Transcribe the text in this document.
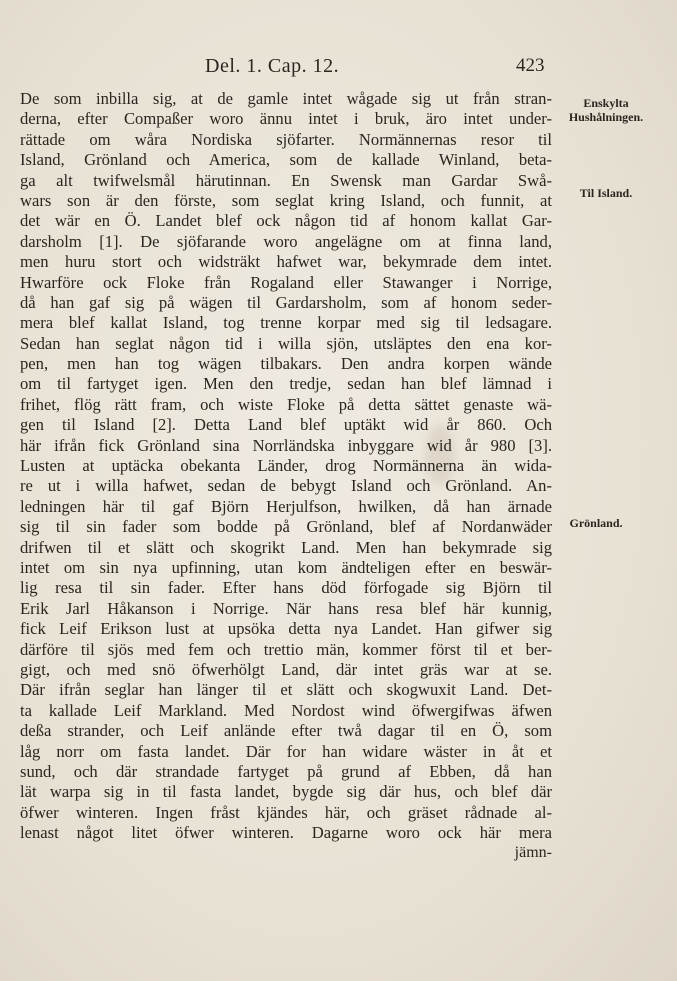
Del. 1. Cap. 12.	423
De som inbilla sig, at de gamle intet wågade sig ut från stran-
derna, efter Compaßer woro ännu intet i bruk, äro intet under-
rättade om wåra Nordiska sjöfarter. Normännernas resor til
Island, Grönland och America, som de kallade Winland, beta-
ga alt twifwelsmål härutinnan. En Swensk man Gardar Swå-
wars son är den förste, som seglat kring Island, och funnit, at
det wär en Ö. Landet blef ock någon tid af honom kallat Gar-
darsholm [1]. De sjöfarande woro angelägne om at finna land,
men huru stort och widsträkt hafwet war, bekymrade dem intet.
Hwarföre ock Floke från Rogaland eller Stawanger i Norrige,
då han gaf sig på wägen til Gardarsholm, som af honom seder-
mera blef kallat Island, tog trenne korpar med sig til ledsagare.
Sedan han seglat någon tid i willa sjön, utsläptes den ena kor-
pen, men han tog wägen tilbakars. Den andra korpen wände
om til fartyget igen. Men den tredje, sedan han blef lämnad i
frihet, flög rätt fram, och wiste Floke på detta sättet genaste wä-
gen til Island [2]. Detta Land blef uptäkt wid år 860. Och
här ifrån fick Grönland sina Norrländska inbyggare wid år 980 [3].
Lusten at uptäcka obekanta Länder, drog Normännerna än wida-
re ut i willa hafwet, sedan de bebygt Island och Grönland. An-
ledningen här til gaf Björn Herjulfson, hwilken, då han ärnade
sig til sin fader som bodde på Grönland, blef af Nordanwäder
drifwen til et slätt och skogrikt Land. Men han bekymrade sig
intet om sin nya upfinning, utan kom ändteligen efter en beswär-
lig resa til sin fader. Efter hans död förfogade sig Björn til
Erik Jarl Håkanson i Norrige. När hans resa blef här kunnig,
fick Leif Erikson lust at upsöka detta nya Landet. Han gifwer sig
därföre til sjös med fem och trettio män, kommer först til et ber-
gigt, och med snö öfwerhölgt Land, där intet gräs war at se.
Där ifrån seglar han länger til et slätt och skogwuxit Land. Det-
ta kallade Leif Markland. Med Nordost wind öfwergifwas äfwen
deßa strander, och Leif anlände efter twå dagar til en Ö, som
låg norr om fasta landet. Där for han widare wäster in åt et
sund, och där strandade fartyget på grund af Ebben, då han
lät warpa sig in til fasta landet, bygde sig där hus, och blef där
öfwer winteren. Ingen fråst kjändes här, och gräset rådnade al-
lenast något litet öfwer winteren. Dagarne woro ock här mera
Enskylta Hushålningen.
Til Island.
Grönland.
jämn-
